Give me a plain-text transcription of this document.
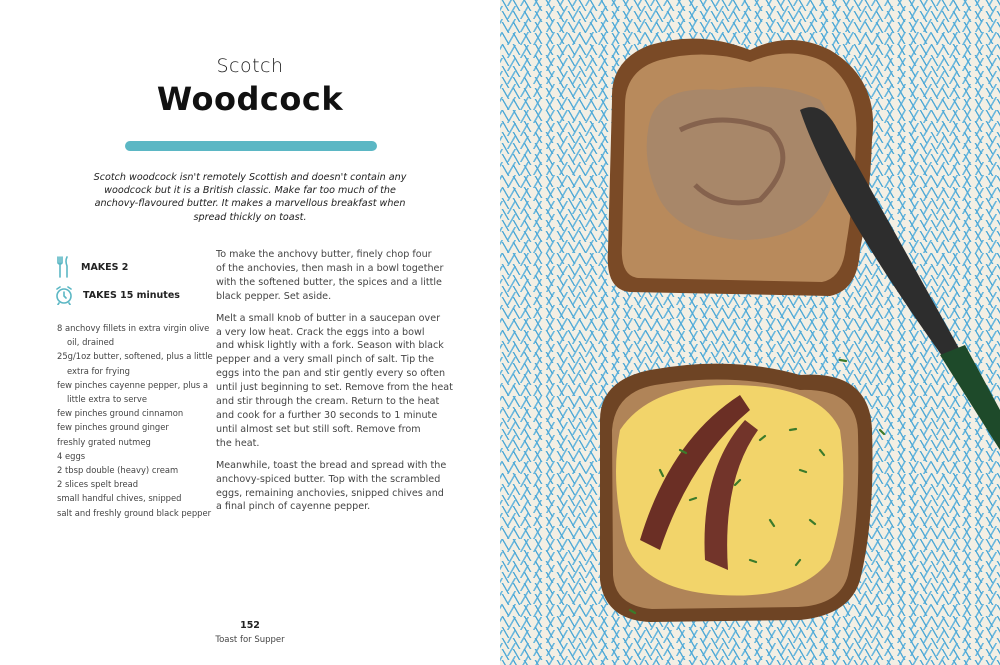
Scotch
Woodcock
Scotch woodcock isn't remotely Scottish and doesn't contain any
woodcock but it is a British classic. Make far too much of the
anchovy-flavoured butter. It makes a marvellous breakfast when
spread thickly on toast.
MAKES 2
TAKES 15 minutes
8 anchovy fillets in extra virgin olive
oil, drained
25g/1oz butter, softened, plus a little
extra for frying
few pinches cayenne pepper, plus a
little extra to serve
few pinches ground cinnamon
few pinches ground ginger
freshly grated nutmeg
4 eggs
2 tbsp double (heavy) cream
2 slices spelt bread
small handful chives, snipped
salt and freshly ground black pepper

To make the anchovy butter, finely chop four
of the anchovies, then mash in a bowl together
with the softened butter, the spices and a little
black pepper. Set aside.

Melt a small knob of butter in a saucepan over
a very low heat. Crack the eggs into a bowl
and whisk lightly with a fork. Season with black
pepper and a very small pinch of salt. Tip the
eggs into the pan and stir gently every so often
until just beginning to set. Remove from the heat
and stir through the cream. Return to the heat
and cook for a further 30 seconds to 1 minute
until almost set but still soft. Remove from
the heat.

Meanwhile, toast the bread and spread with the
anchovy-spiced butter. Top with the scrambled
eggs, remaining anchovies, snipped chives and
a final pinch of cayenne pepper.

152
Toast for Supper
